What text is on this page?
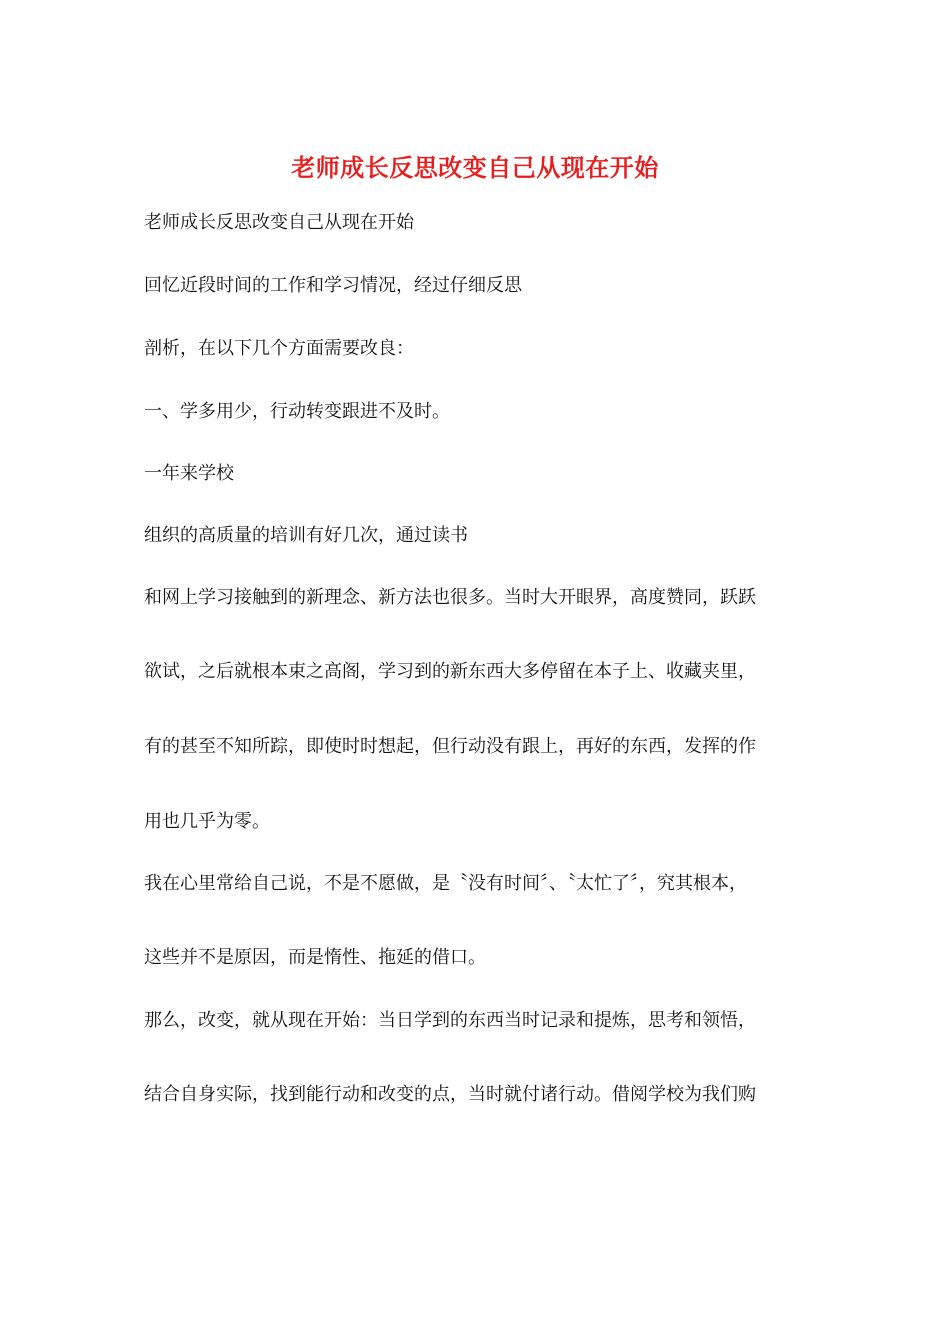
老师成长反思改变自己从现在开始
老师成长反思改变自己从现在开始
回忆近段时间的工作和学习情况，经过仔细反思
剖析，在以下几个方面需要改良：
一、学多用少，行动转变跟进不及时。
一年来学校
组织的高质量的培训有好几次，通过读书
和网上学习接触到的新理念、新方法也很多。当时大开眼界，高度赞同，跃跃
欲试，之后就根本束之高阁，学习到的新东西大多停留在本子上、收藏夹里，
有的甚至不知所踪，即使时时想起，但行动没有跟上，再好的东西，发挥的作
用也几乎为零。
我在心里常给自己说，不是不愿做，是〝没有时间〞、〝太忙了〞，究其根本，
这些并不是原因，而是惰性、拖延的借口。
那么，改变，就从现在开始：当日学到的东西当时记录和提炼，思考和领悟，
结合自身实际，找到能行动和改变的点，当时就付诸行动。借阅学校为我们购
